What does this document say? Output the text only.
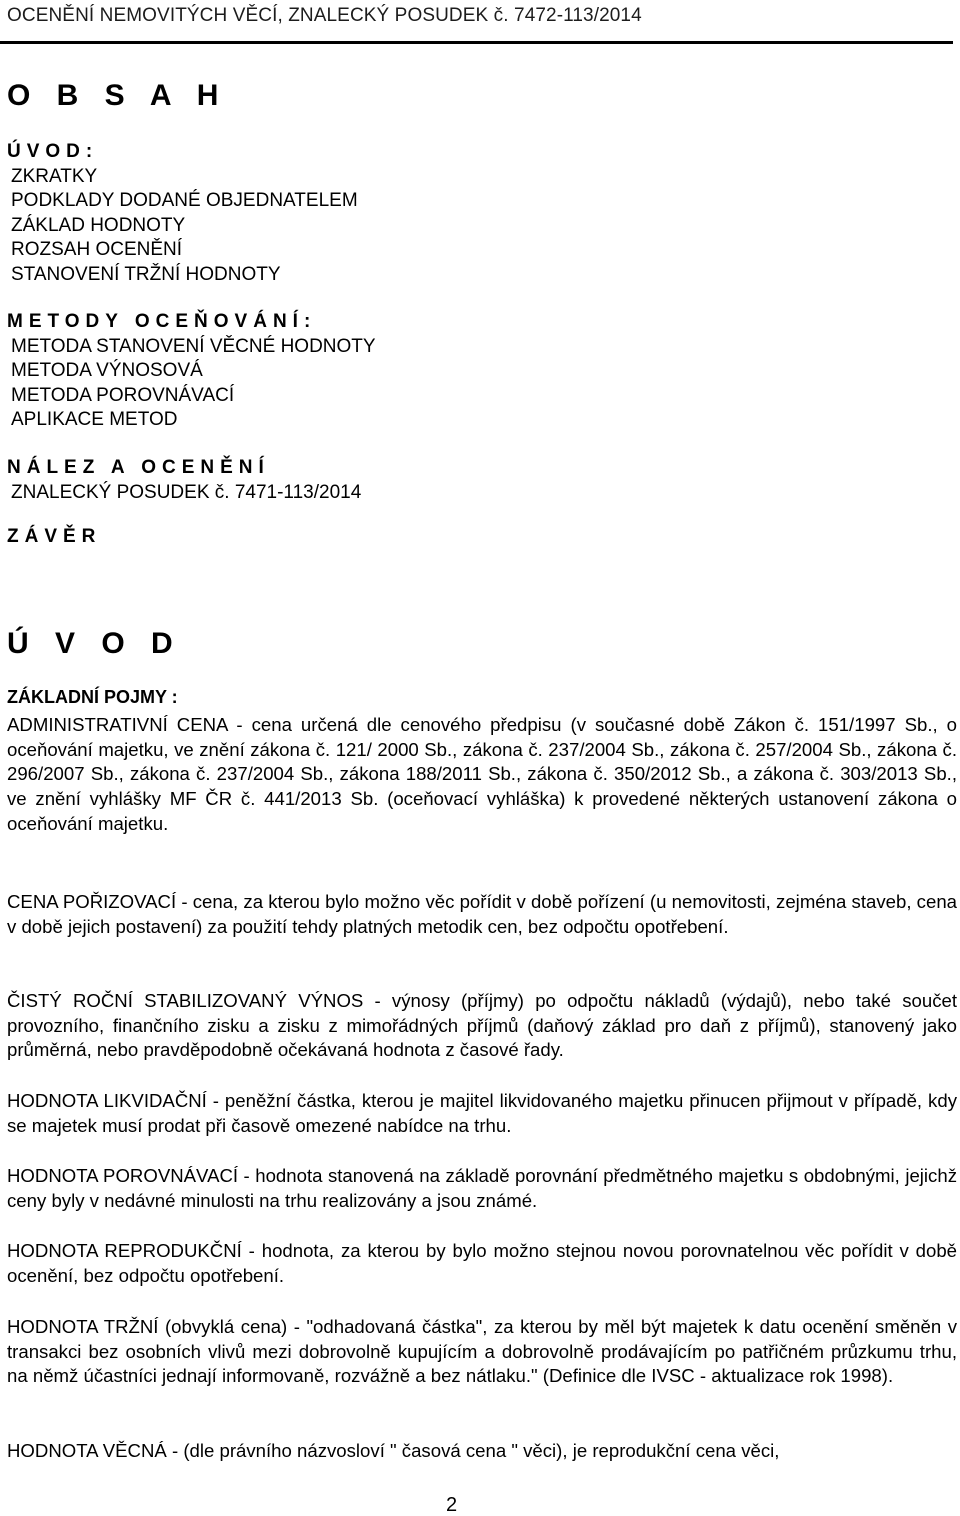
OCENĚNÍ NEMOVITÝCH VĚCÍ, ZNALECKÝ POSUDEK č. 7472-113/2014
O B S A H
ÚVOD:
ZKRATKY
PODKLADY DODANÉ OBJEDNATELEM
ZÁKLAD HODNOTY
ROZSAH OCENĚNÍ
STANOVENÍ TRŽNÍ HODNOTY
METODY OCEŇOVÁNÍ:
METODA STANOVENÍ VĚCNÉ HODNOTY
METODA VÝNOSOVÁ
METODA POROVNÁVACÍ
APLIKACE METOD
NÁLEZ A OCENĚNÍ
ZNALECKÝ POSUDEK č. 7471-113/2014
ZÁVĚR
Ú V O D
ZÁKLADNÍ POJMY :
ADMINISTRATIVNÍ CENA - cena určená dle cenového předpisu (v současné době Zákon č. 151/1997 Sb., o oceňování majetku, ve znění zákona č. 121/ 2000 Sb., zákona č. 237/2004 Sb., zákona č. 257/2004 Sb., zákona č. 296/2007 Sb., zákona č. 237/2004 Sb., zákona 188/2011 Sb., zákona č. 350/2012 Sb., a zákona č. 303/2013 Sb., ve znění vyhlášky MF ČR č. 441/2013 Sb. (oceňovací vyhláška) k provedené některých ustanovení zákona o oceňování majetku.
CENA POŘIZOVACÍ - cena, za kterou bylo možno věc pořídit v době pořízení (u nemovitosti, zejména staveb, cena v době jejich postavení) za použití tehdy platných metodik cen, bez odpočtu opotřebení.
ČISTÝ ROČNÍ STABILIZOVANÝ VÝNOS - výnosy (příjmy) po odpočtu nákladů (výdajů), nebo také součet provozního, finančního zisku a zisku z mimořádných příjmů (daňový základ pro daň z příjmů), stanovený jako průměrná, nebo pravděpodobně očekávaná hodnota z časové řady.
HODNOTA LIKVIDAČNÍ - peněžní částka, kterou je majitel likvidovaného majetku přinucen přijmout v případě, kdy se majetek musí prodat při časově omezené nabídce na trhu.
HODNOTA POROVNÁVACÍ - hodnota stanovená na základě porovnání předmětného majetku s obdobnými, jejichž ceny byly v nedávné minulosti na trhu realizovány a jsou známé.
HODNOTA REPRODUKČNÍ - hodnota, za kterou by bylo možno stejnou novou porovnatelnou věc pořídit v době ocenění, bez odpočtu opotřebení.
HODNOTA TRŽNÍ (obvyklá cena) - "odhadovaná částka", za kterou by měl být majetek k datu ocenění směněn v transakci bez osobních vlivů mezi dobrovolně kupujícím a dobrovolně prodávajícím po patřičném průzkumu trhu, na němž účastníci jednají informovaně, rozvážně a bez nátlaku." (Definice dle IVSC - aktualizace rok 1998).
HODNOTA VĚCNÁ - (dle právního názvosloví " časová cena " věci), je reprodukční cena věci,
2
